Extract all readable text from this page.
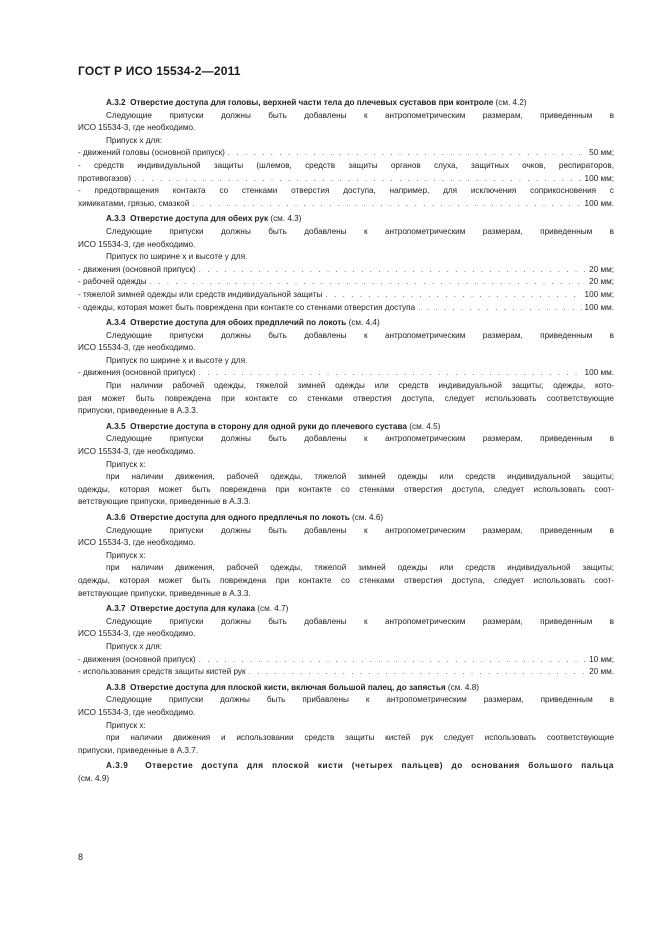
ГОСТ Р ИСО 15534-2—2011

А.3.2 Отверстие доступа для головы, верхней части тела до плечевых суставов при контроле (см. 4.2)

Следующие припуски должны быть добавлены к антропометрическим размерам, приведенным в

ИСО 15534-3, где необходимо.

Припуск x для:

- движений головы (основной припуск) . . .	50 мм;

- средств индивидуальной защиты (шлемов, средств защиты органов слуха, защитных очков, респираторов,

противогазов) . . .	100 мм;

- предотвращения контакта со стенками отверстия доступа, например, для исключения соприкосновения с

химикатами, грязью, смазкой . . .	100 мм.

А.3.3 Отверстие доступа для обеих рук (см. 4.3)

Следующие припуски должны быть добавлены к антропометрическим размерам, приведенным в

ИСО 15534-3, где необходимо.

Припуск по ширине x и высоте y для.

- движения (основной припуск) . . .	20 мм;
- рабочей одежды . . .	20 мм;
- тяжелой зимней одежды или средств индивидуальной защиты . . .	100 мм;
- одежды, которая может быть повреждена при контакте со стенками отверстия доступа . . .	100 мм.

А.3.4 Отверстие доступа для обоих предплечий по локоть (см. 4.4)

Следующие припуски должны быть добавлены к антропометрическим размерам, приведенным в

ИСО 15534-3, где необходимо.

Припуск по ширине x и высоте y для.

- движения (основной припуск) . . .	100 мм.

При наличии рабочей одежды, тяжелой зимней одежды или средств индивидуальной защиты; одежды, кото-

рая может быть повреждена при контакте со стенками отверстия доступа, следует использовать соответствующие

припуски, приведенные в А.3.3.

А.3.5 Отверстие доступа в сторону для одной руки до плечевого сустава (см. 4.5)

Следующие припуски должны быть добавлены к антропометрическим размерам, приведенным в

ИСО 15534-3, где необходимо.

Припуск x:

при наличии движения, рабочей одежды, тяжелой зимней одежды или средств индивидуальной защиты;

одежды, которая может быть повреждена при контакте со стенками отверстия доступа, следует использовать соот-

ветствующие припуски, приведенные в А.3.3.

А.3.6 Отверстие доступа для одного предплечья по локоть (см. 4.6)

Следующие припуски должны быть добавлены к антропометрическим размерам, приведенным в

ИСО 15534-3, где необходимо.

Припуск x:

при наличии движения, рабочей одежды, тяжелой зимней одежды или средств индивидуальной защиты;

одежды, которая может быть повреждена при контакте со стенками отверстия доступа, следует использовать соот-

ветствующие припуски, приведенные в А.3.3.

А.3.7 Отверстие доступа для кулака (см. 4.7)

Следующие припуски должны быть добавлены к антропометрическим размерам, приведенным в

ИСО 15534-3, где необходимо.

Припуск x для:

- движения (основной припуск) . . .	10 мм;
- использования средств защиты кистей рук . . .	20 мм.

А.3.8 Отверстие доступа для плоской кисти, включая большой палец, до запястья (см. 4.8)

Следующие припуски должны быть прибавлены к антропометрическим размерам, приведенным в

ИСО 15534-3, где необходимо.

Припуск x:

при наличии движения и использовании средств защиты кистей рук следует использовать соответствующие

припуски, приведенные в А.3.7.

А.3.9 Отверстие доступа для плоской кисти (четырех пальцев) до основания большого пальца

(см. 4.9)

8
